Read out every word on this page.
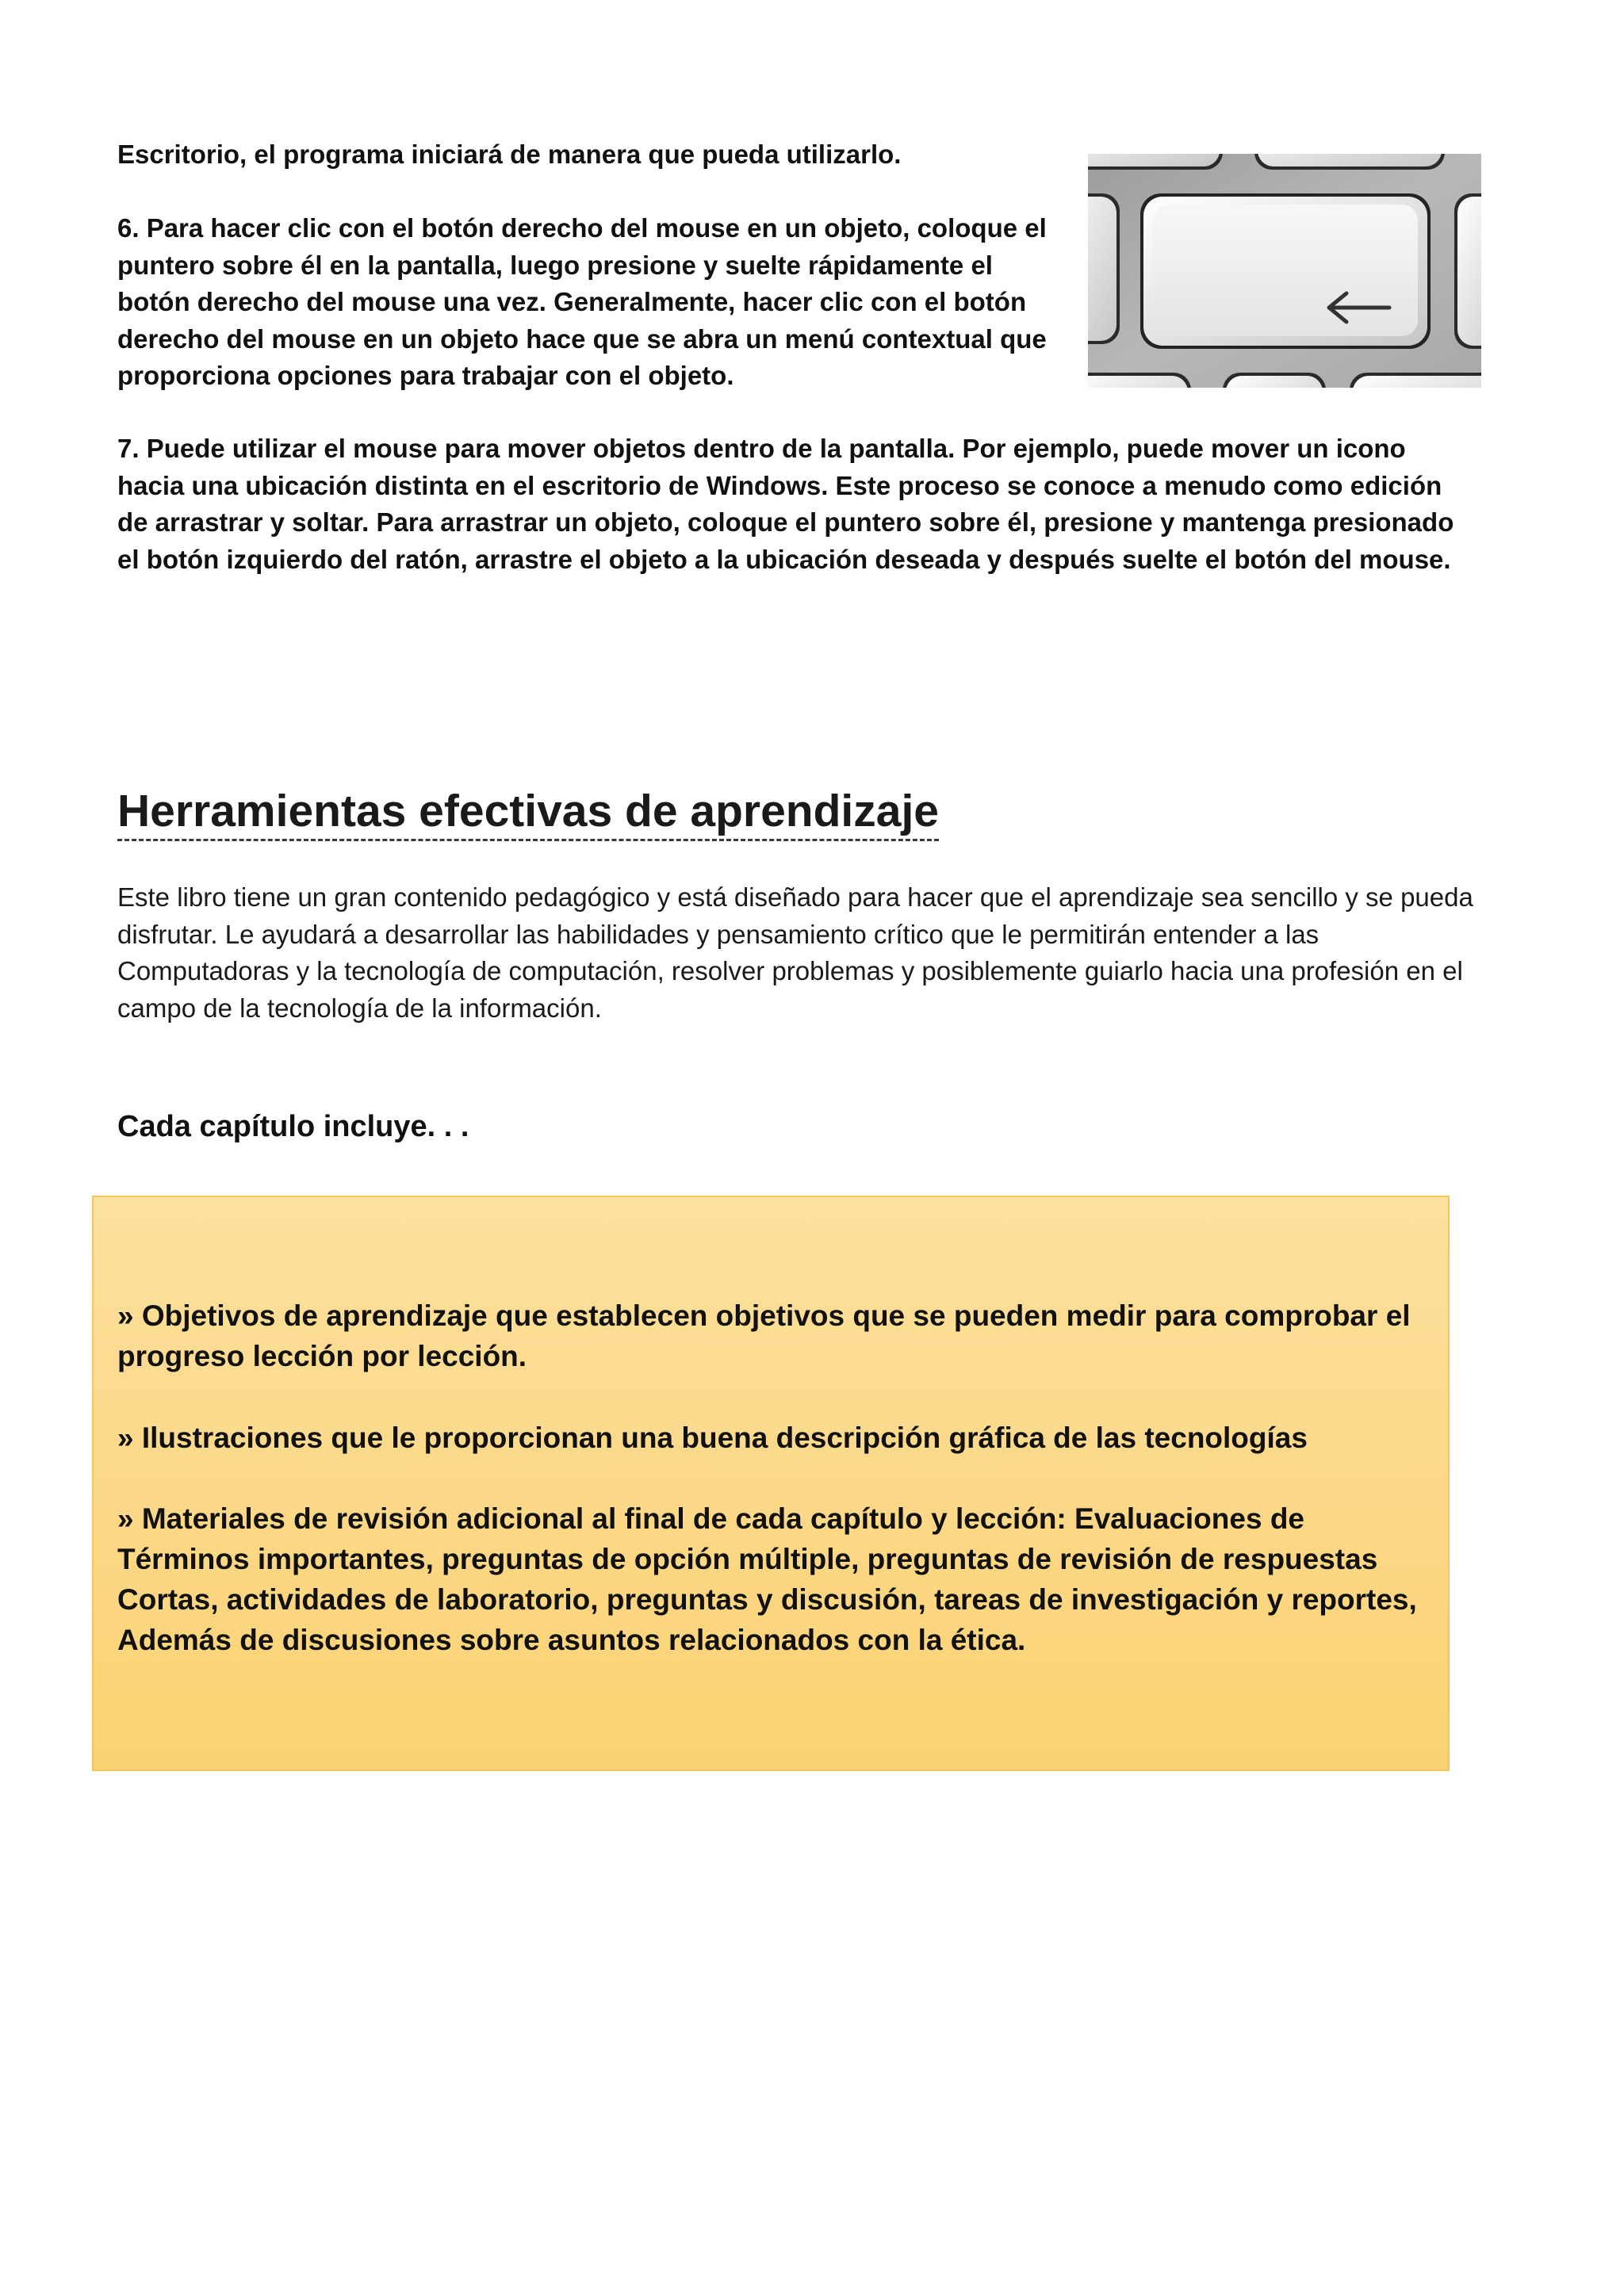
Escritorio, el programa iniciará de manera que pueda utilizarlo.

6. Para hacer clic con el botón derecho del mouse en un objeto, coloque el puntero sobre él en la pantalla, luego presione y suelte rápidamente el botón derecho del mouse una vez. Generalmente, hacer clic con el botón derecho del mouse en un objeto hace que se abra un menú contextual que proporciona opciones para trabajar con el objeto.

7. Puede utilizar el mouse para mover objetos dentro de la pantalla. Por ejemplo, puede mover un icono hacia una ubicación distinta en el escritorio de Windows. Este proceso se conoce a menudo como edición de arrastrar y soltar. Para arrastrar un objeto, coloque el puntero sobre él, presione y mantenga presionado el botón izquierdo del ratón, arrastre el objeto a la ubicación deseada y después suelte el botón del mouse.

Herramientas efectivas de aprendizaje

Este libro tiene un gran contenido pedagógico y está diseñado para hacer que el aprendizaje sea sencillo y se pueda disfrutar. Le ayudará a desarrollar las habilidades y pensamiento crítico que le permitirán entender a las
Computadoras y la tecnología de computación, resolver problemas y posiblemente guiarlo hacia una profesión en el campo de la tecnología de la información.

Cada capítulo incluye. . .

» Objetivos de aprendizaje que establecen objetivos que se pueden medir para comprobar el progreso lección por lección.

» Ilustraciones que le proporcionan una buena descripción gráfica de las tecnologías

» Materiales de revisión adicional al final de cada capítulo y lección: Evaluaciones de Términos importantes, preguntas de opción múltiple, preguntas de revisión de respuestas Cortas, actividades de laboratorio, preguntas y discusión, tareas de investigación y reportes, Además de discusiones sobre asuntos relacionados con la ética.
